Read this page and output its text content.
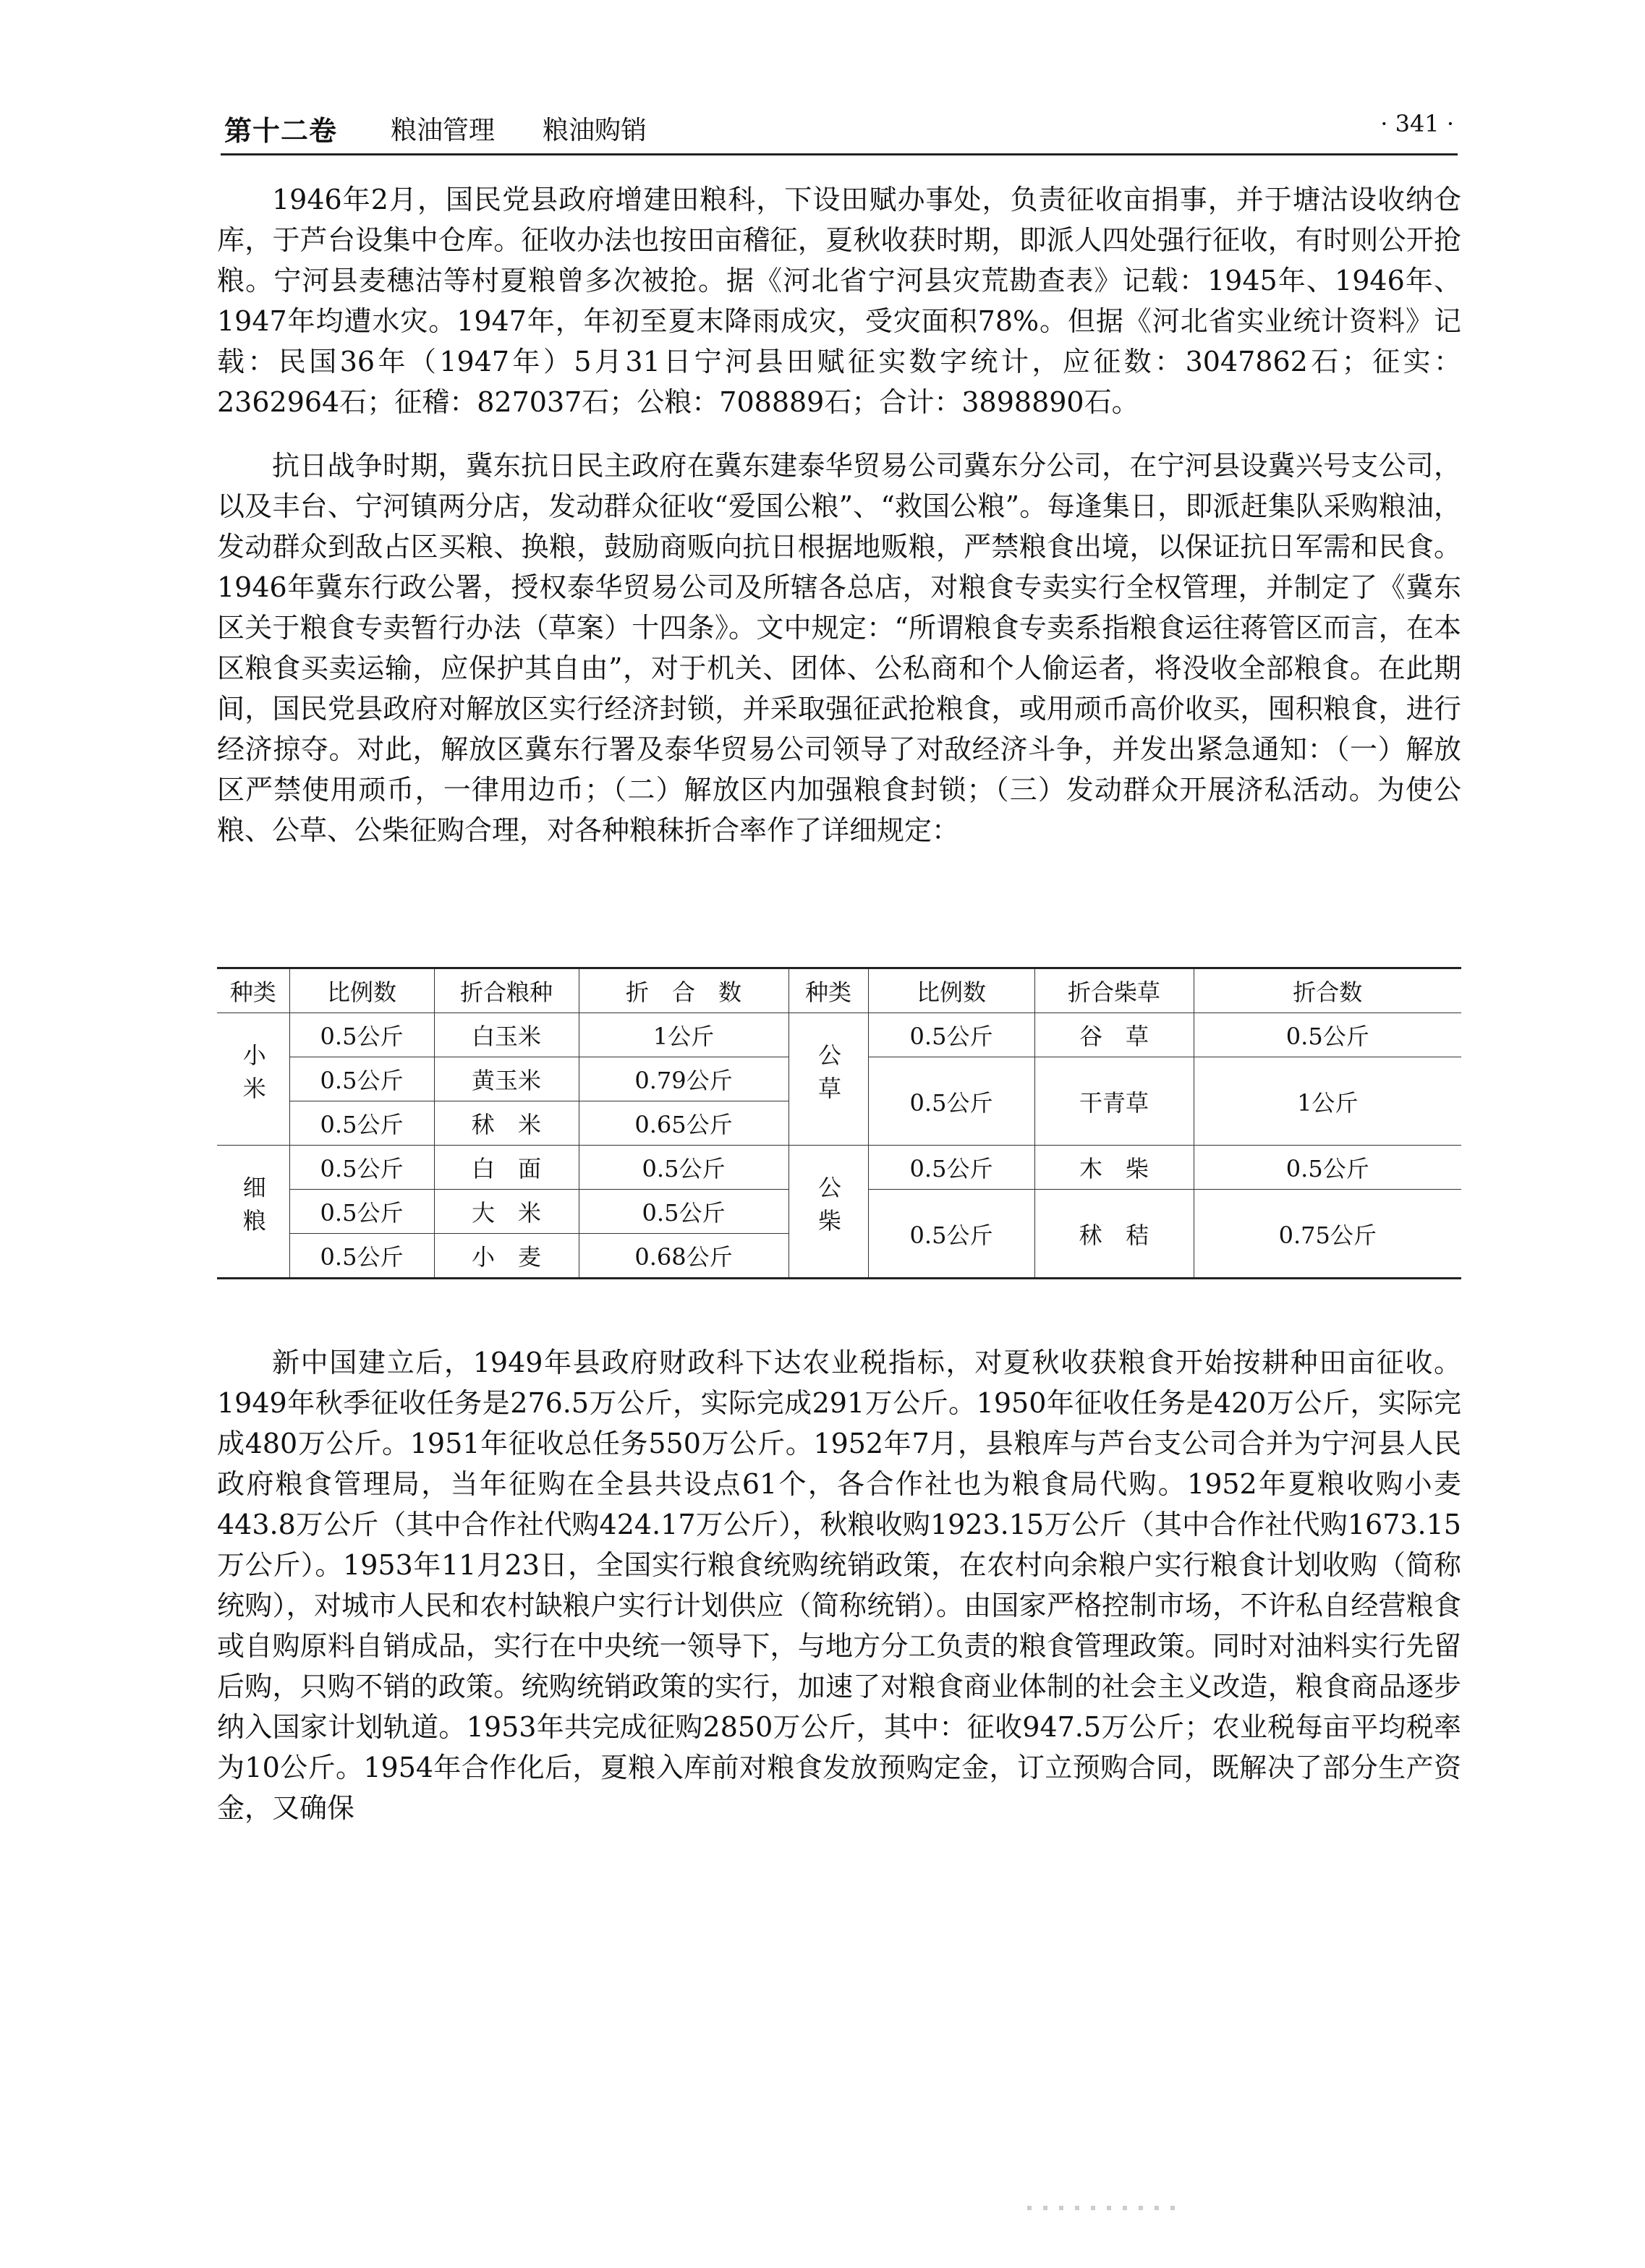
第十二卷 粮油管理 粮油购销	· 341 ·

1946年2月，国民党县政府增建田粮科，下设田赋办事处，负责征收亩捐事，并于塘沽设收纳仓库，于芦台设集中仓库。征收办法也按田亩稽征，夏秋收获时期，即派人四处强行征收，有时则公开抢粮。宁河县麦穗沽等村夏粮曾多次被抢。据《河北省宁河县灾荒勘查表》记载：1945年、1946年、1947年均遭水灾。1947年，年初至夏末降雨成灾，受灾面积78%。但据《河北省实业统计资料》记载：民国36年（1947年）5月31日宁河县田赋征实数字统计，应征数：3047862石；征实：2362964石；征稽：827037石；公粮：708889石；合计：3898890石。

抗日战争时期，冀东抗日民主政府在冀东建泰华贸易公司冀东分公司，在宁河县设冀兴号支公司，以及丰台、宁河镇两分店，发动群众征收“爱国公粮”、“救国公粮”。每逢集日，即派赶集队采购粮油，发动群众到敌占区买粮、换粮，鼓励商贩向抗日根据地贩粮，严禁粮食出境，以保证抗日军需和民食。1946年冀东行政公署，授权泰华贸易公司及所辖各总店，对粮食专卖实行全权管理，并制定了《冀东区关于粮食专卖暂行办法（草案）十四条》。文中规定：“所谓粮食专卖系指粮食运往蒋管区而言，在本区粮食买卖运输，应保护其自由”，对于机关、团体、公私商和个人偷运者，将没收全部粮食。在此期间，国民党县政府对解放区实行经济封锁，并采取强征武抢粮食，或用顽币高价收买，囤积粮食，进行经济掠夺。对此，解放区冀东行署及泰华贸易公司领导了对敌经济斗争，并发出紧急通知：（一）解放区严禁使用顽币，一律用边币；（二）解放区内加强粮食封锁；（三）发动群众开展济私活动。为使公粮、公草、公柴征购合理，对各种粮秣折合率作了详细规定：

种类	比例数	折合粮种	折　合　数	种类	比例数	折合柴草	折合数
小米	0.5公斤	白玉米	1公斤	公草	0.5公斤	谷　草	0.5公斤
	0.5公斤	黄玉米	0.79公斤		0.5公斤	干青草	1公斤
	0.5公斤	秫　米	0.65公斤				
细粮	0.5公斤	白　面	0.5公斤	公柴	0.5公斤	木　柴	0.5公斤
	0.5公斤	大　米	0.5公斤		0.5公斤	秫　秸	0.75公斤
	0.5公斤	小　麦	0.68公斤				

新中国建立后，1949年县政府财政科下达农业税指标，对夏秋收获粮食开始按耕种田亩征收。1949年秋季征收任务是276.5万公斤，实际完成291万公斤。1950年征收任务是420万公斤，实际完成480万公斤。1951年征收总任务550万公斤。1952年7月，县粮库与芦台支公司合并为宁河县人民政府粮食管理局，当年征购在全县共设点61个，各合作社也为粮食局代购。1952年夏粮收购小麦443.8万公斤（其中合作社代购424.17万公斤），秋粮收购1923.15万公斤（其中合作社代购1673.15万公斤）。1953年11月23日，全国实行粮食统购统销政策，在农村向余粮户实行粮食计划收购（简称统购），对城市人民和农村缺粮户实行计划供应（简称统销）。由国家严格控制市场，不许私自经营粮食或自购原料自销成品，实行在中央统一领导下，与地方分工负责的粮食管理政策。同时对油料实行先留后购，只购不销的政策。统购统销政策的实行，加速了对粮食商业体制的社会主义改造，粮食商品逐步纳入国家计划轨道。1953年共完成征购2850万公斤，其中：征收947.5万公斤；农业税每亩平均税率为10公斤。1954年合作化后，夏粮入库前对粮食发放预购定金，订立预购合同，既解决了部分生产资金，又确保
